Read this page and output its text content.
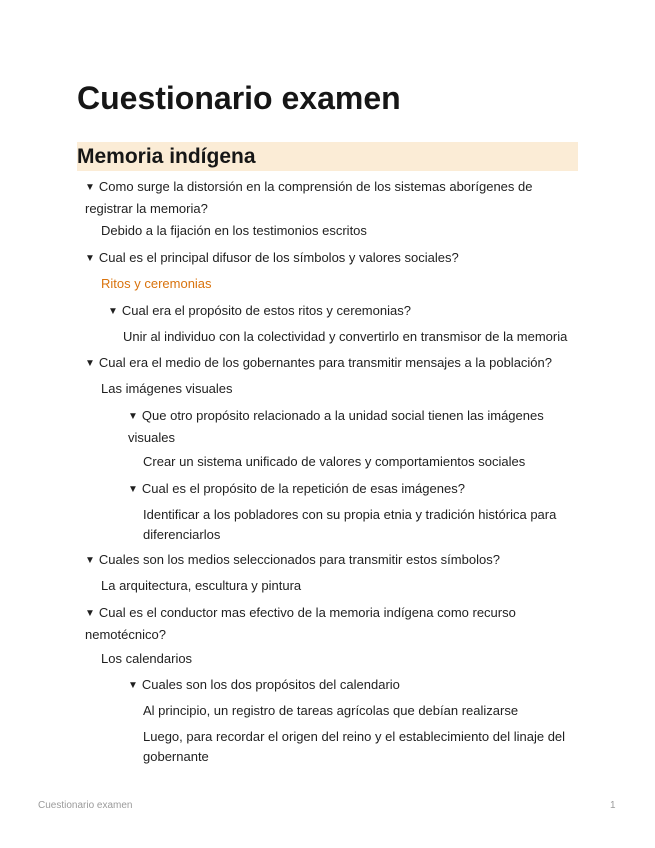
Cuestionario examen
Memoria indígena
▼ Como surge la distorsión en la comprensión de los sistemas aborígenes de registrar la memoria?
Debido a la fijación en los testimonios escritos
▼ Cual es el principal difusor de los símbolos y valores sociales?
Ritos y ceremonias
▼ Cual era el propósito de estos ritos y ceremonias?
Unir al individuo con la colectividad y convertirlo en transmisor de la memoria
▼ Cual era el medio de los gobernantes para transmitir mensajes a la población?
Las imágenes visuales
▼ Que otro propósito relacionado a la unidad social tienen las imágenes visuales
Crear un sistema unificado de valores y comportamientos sociales
▼ Cual es el propósito de la repetición de esas imágenes?
Identificar a los pobladores con su propia etnia y tradición histórica para diferenciarlos
▼ Cuales son los medios seleccionados para transmitir estos símbolos?
La arquitectura, escultura y pintura
▼ Cual es el conductor mas efectivo de la memoria indígena como recurso nemotécnico?
Los calendarios
▼ Cuales son los dos propósitos del calendario
Al principio, un registro de tareas agrícolas que debían realizarse
Luego, para recordar el origen del reino y el establecimiento del linaje del gobernante
Cuestionario examen	1
